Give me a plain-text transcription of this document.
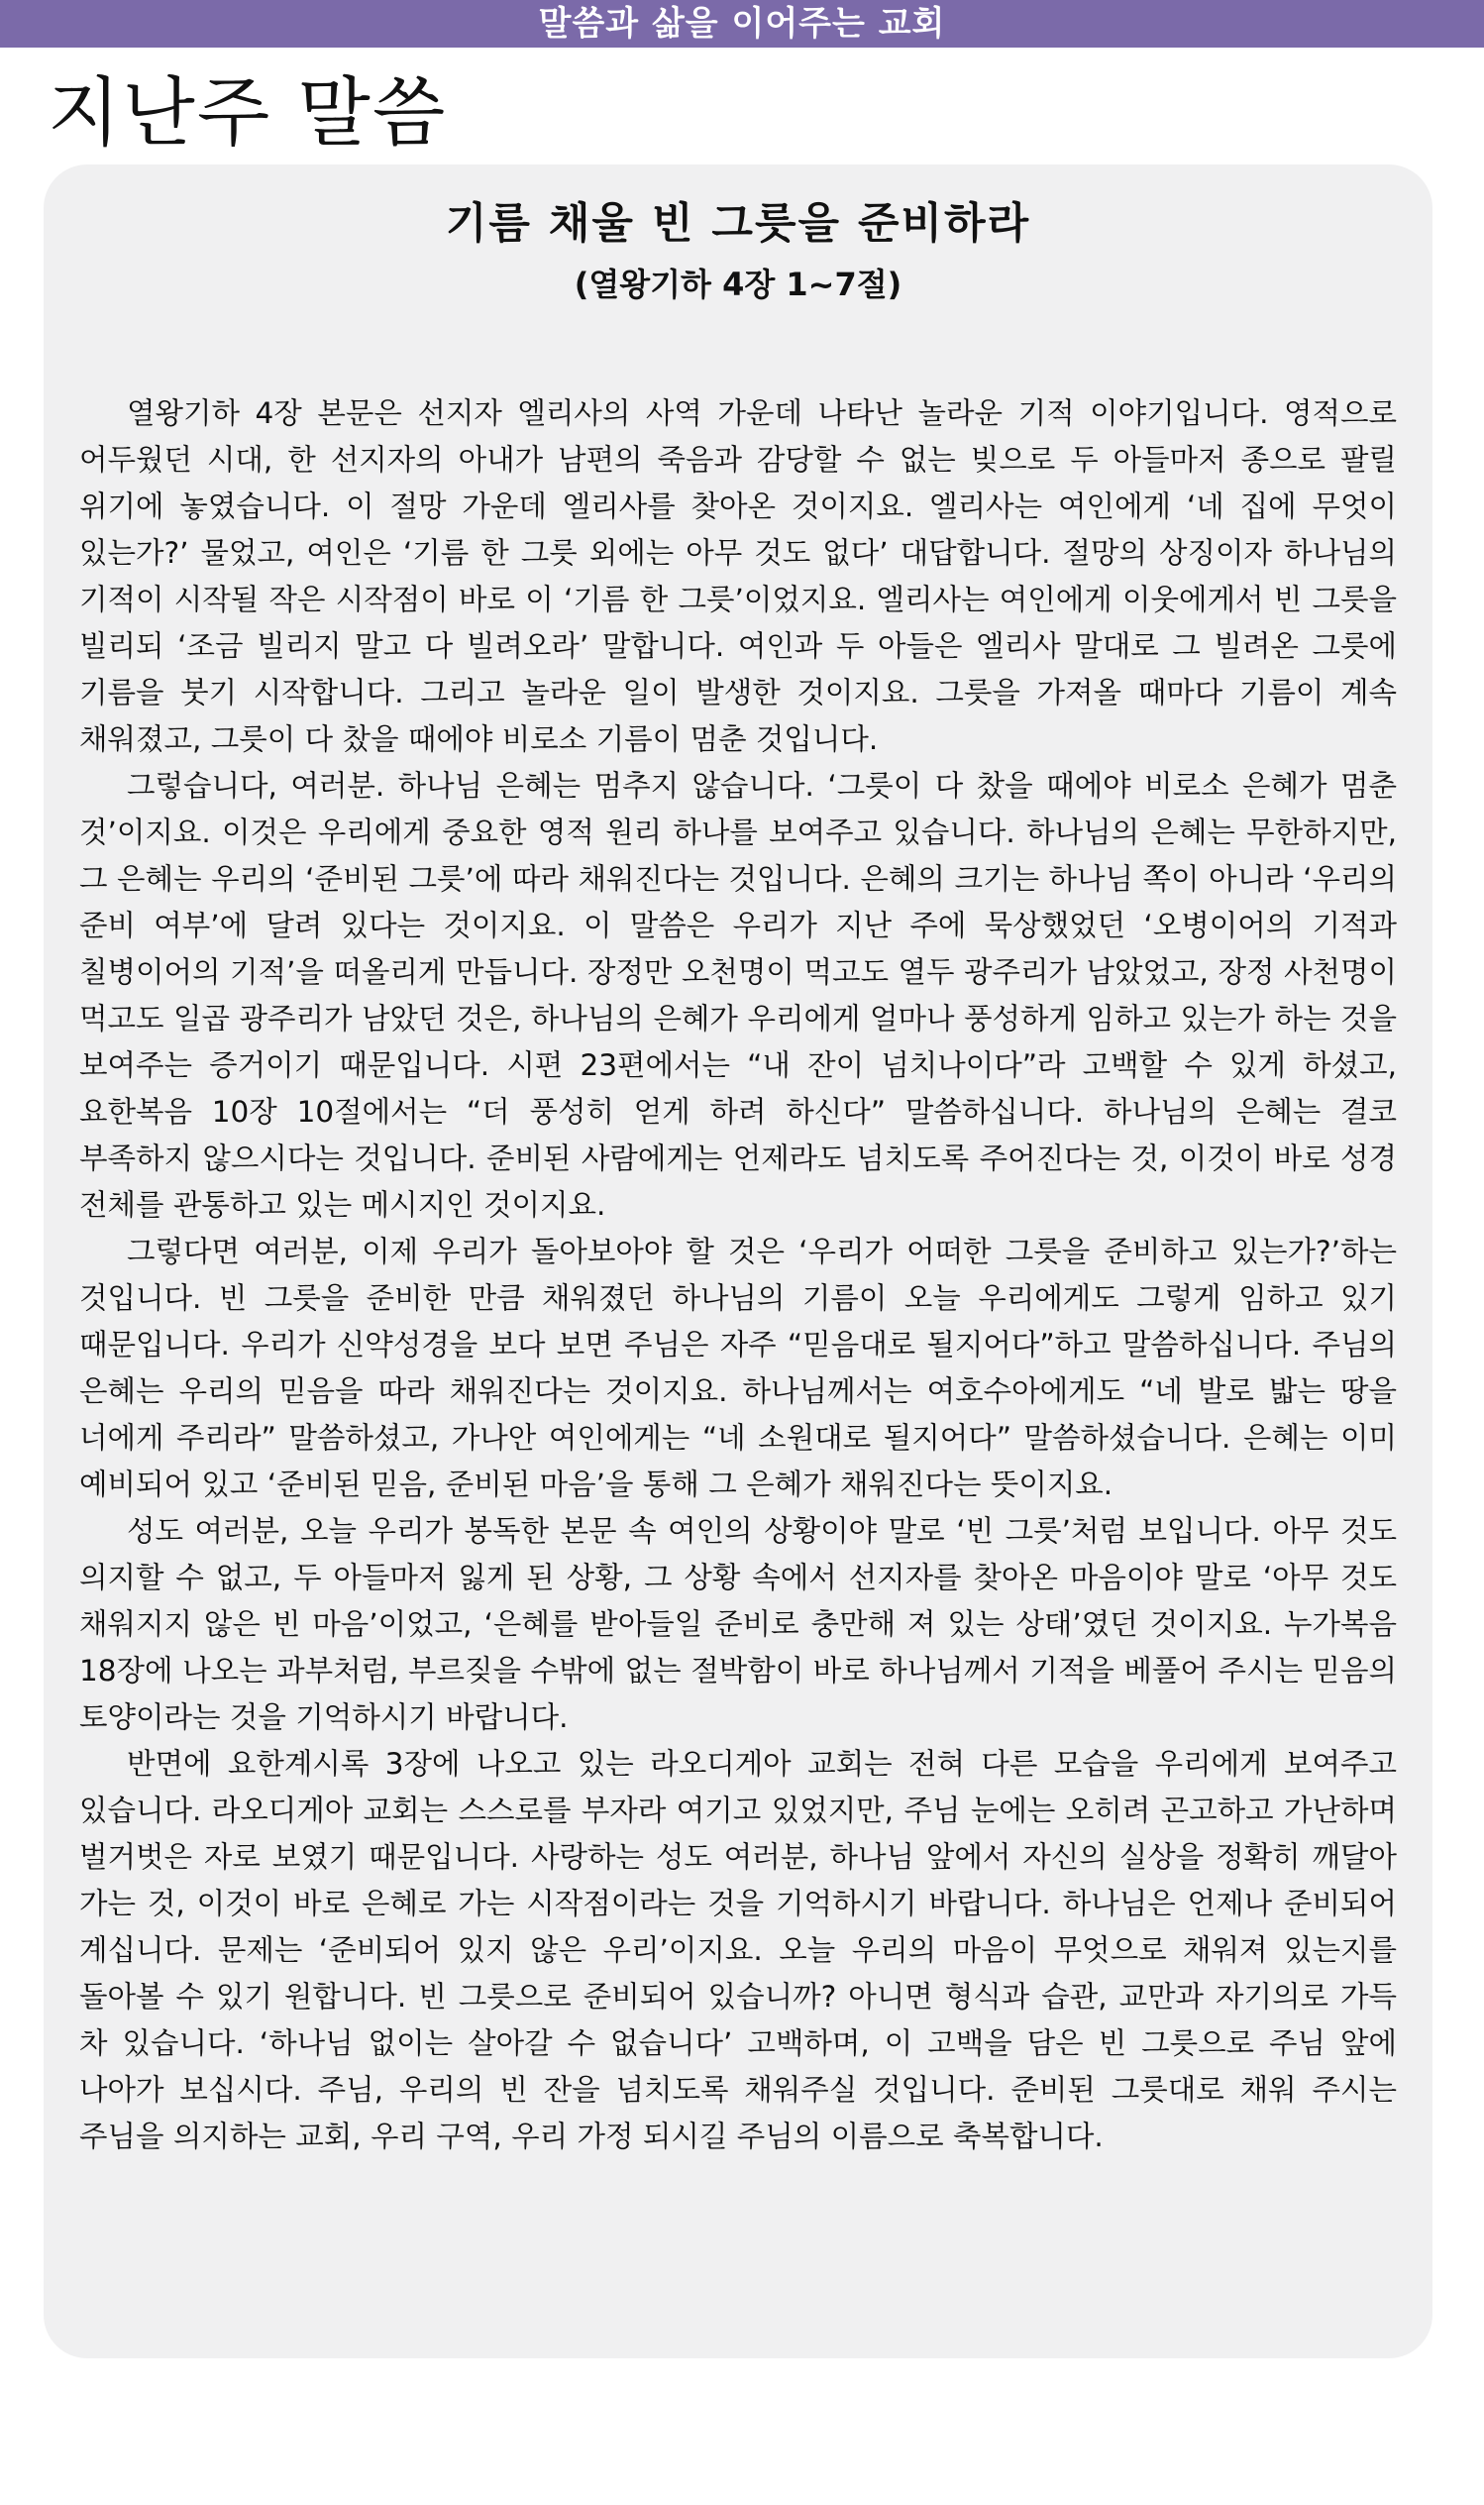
말씀과 삶을 이어주는 교회
지난주 말씀
기름 채울 빈 그릇을 준비하라
(열왕기하 4장 1~7절)

열왕기하 4장 본문은 선지자 엘리사의 사역 가운데 나타난 놀라운 기적 이야기입니다. 영적으로 어두웠던 시대, 한 선지자의 아내가 남편의 죽음과 감당할 수 없는 빚으로 두 아들마저 종으로 팔릴 위기에 놓였습니다. 이 절망 가운데 엘리사를 찾아온 것이지요. 엘리사는 여인에게 ‘네 집에 무엇이 있는가?’ 물었고, 여인은 ‘기름 한 그릇 외에는 아무 것도 없다’ 대답합니다. 절망의 상징이자 하나님의 기적이 시작될 작은 시작점이 바로 이 ‘기름 한 그릇’이었지요. 엘리사는 여인에게 이웃에게서 빈 그릇을 빌리되 ‘조금 빌리지 말고 다 빌려오라’ 말합니다. 여인과 두 아들은 엘리사 말대로 그 빌려온 그릇에 기름을 붓기 시작합니다. 그리고 놀라운 일이 발생한 것이지요. 그릇을 가져올 때마다 기름이 계속 채워졌고, 그릇이 다 찼을 때에야 비로소 기름이 멈춘 것입니다.

그렇습니다, 여러분. 하나님 은혜는 멈추지 않습니다. ‘그릇이 다 찼을 때에야 비로소 은혜가 멈춘 것’이지요. 이것은 우리에게 중요한 영적 원리 하나를 보여주고 있습니다. 하나님의 은혜는 무한하지만, 그 은혜는 우리의 ‘준비된 그릇’에 따라 채워진다는 것입니다. 은혜의 크기는 하나님 쪽이 아니라 ‘우리의 준비 여부’에 달려 있다는 것이지요. 이 말씀은 우리가 지난 주에 묵상했었던 ‘오병이어의 기적과 칠병이어의 기적’을 떠올리게 만듭니다. 장정만 오천명이 먹고도 열두 광주리가 남았었고, 장정 사천명이 먹고도 일곱 광주리가 남았던 것은, 하나님의 은혜가 우리에게 얼마나 풍성하게 임하고 있는가 하는 것을 보여주는 증거이기 때문입니다. 시편 23편에서는 “내 잔이 넘치나이다”라 고백할 수 있게 하셨고, 요한복음 10장 10절에서는 “더 풍성히 얻게 하려 하신다” 말씀하십니다. 하나님의 은혜는 결코 부족하지 않으시다는 것입니다. 준비된 사람에게는 언제라도 넘치도록 주어진다는 것, 이것이 바로 성경 전체를 관통하고 있는 메시지인 것이지요.

그렇다면 여러분, 이제 우리가 돌아보아야 할 것은 ‘우리가 어떠한 그릇을 준비하고 있는가?’하는 것입니다. 빈 그릇을 준비한 만큼 채워졌던 하나님의 기름이 오늘 우리에게도 그렇게 임하고 있기 때문입니다. 우리가 신약성경을 보다 보면 주님은 자주 “믿음대로 될지어다”하고 말씀하십니다. 주님의 은혜는 우리의 믿음을 따라 채워진다는 것이지요. 하나님께서는 여호수아에게도 “네 발로 밟는 땅을 너에게 주리라” 말씀하셨고, 가나안 여인에게는 “네 소원대로 될지어다” 말씀하셨습니다. 은혜는 이미 예비되어 있고 ‘준비된 믿음, 준비된 마음’을 통해 그 은혜가 채워진다는 뜻이지요.

성도 여러분, 오늘 우리가 봉독한 본문 속 여인의 상황이야 말로 ‘빈 그릇’처럼 보입니다. 아무 것도 의지할 수 없고, 두 아들마저 잃게 된 상황, 그 상황 속에서 선지자를 찾아온 마음이야 말로 ‘아무 것도 채워지지 않은 빈 마음’이었고, ‘은혜를 받아들일 준비로 충만해 져 있는 상태’였던 것이지요. 누가복음 18장에 나오는 과부처럼, 부르짖을 수밖에 없는 절박함이 바로 하나님께서 기적을 베풀어 주시는 믿음의 토양이라는 것을 기억하시기 바랍니다.

반면에 요한계시록 3장에 나오고 있는 라오디게아 교회는 전혀 다른 모습을 우리에게 보여주고 있습니다. 라오디게아 교회는 스스로를 부자라 여기고 있었지만, 주님 눈에는 오히려 곤고하고 가난하며 벌거벗은 자로 보였기 때문입니다. 사랑하는 성도 여러분, 하나님 앞에서 자신의 실상을 정확히 깨달아 가는 것, 이것이 바로 은혜로 가는 시작점이라는 것을 기억하시기 바랍니다. 하나님은 언제나 준비되어 계십니다. 문제는 ‘준비되어 있지 않은 우리’이지요. 오늘 우리의 마음이 무엇으로 채워져 있는지를 돌아볼 수 있기 원합니다. 빈 그릇으로 준비되어 있습니까? 아니면 형식과 습관, 교만과 자기의로 가득 차 있습니다. ‘하나님 없이는 살아갈 수 없습니다’ 고백하며, 이 고백을 담은 빈 그릇으로 주님 앞에 나아가 보십시다. 주님, 우리의 빈 잔을 넘치도록 채워주실 것입니다. 준비된 그릇대로 채워 주시는 주님을 의지하는 교회, 우리 구역, 우리 가정 되시길 주님의 이름으로 축복합니다.
